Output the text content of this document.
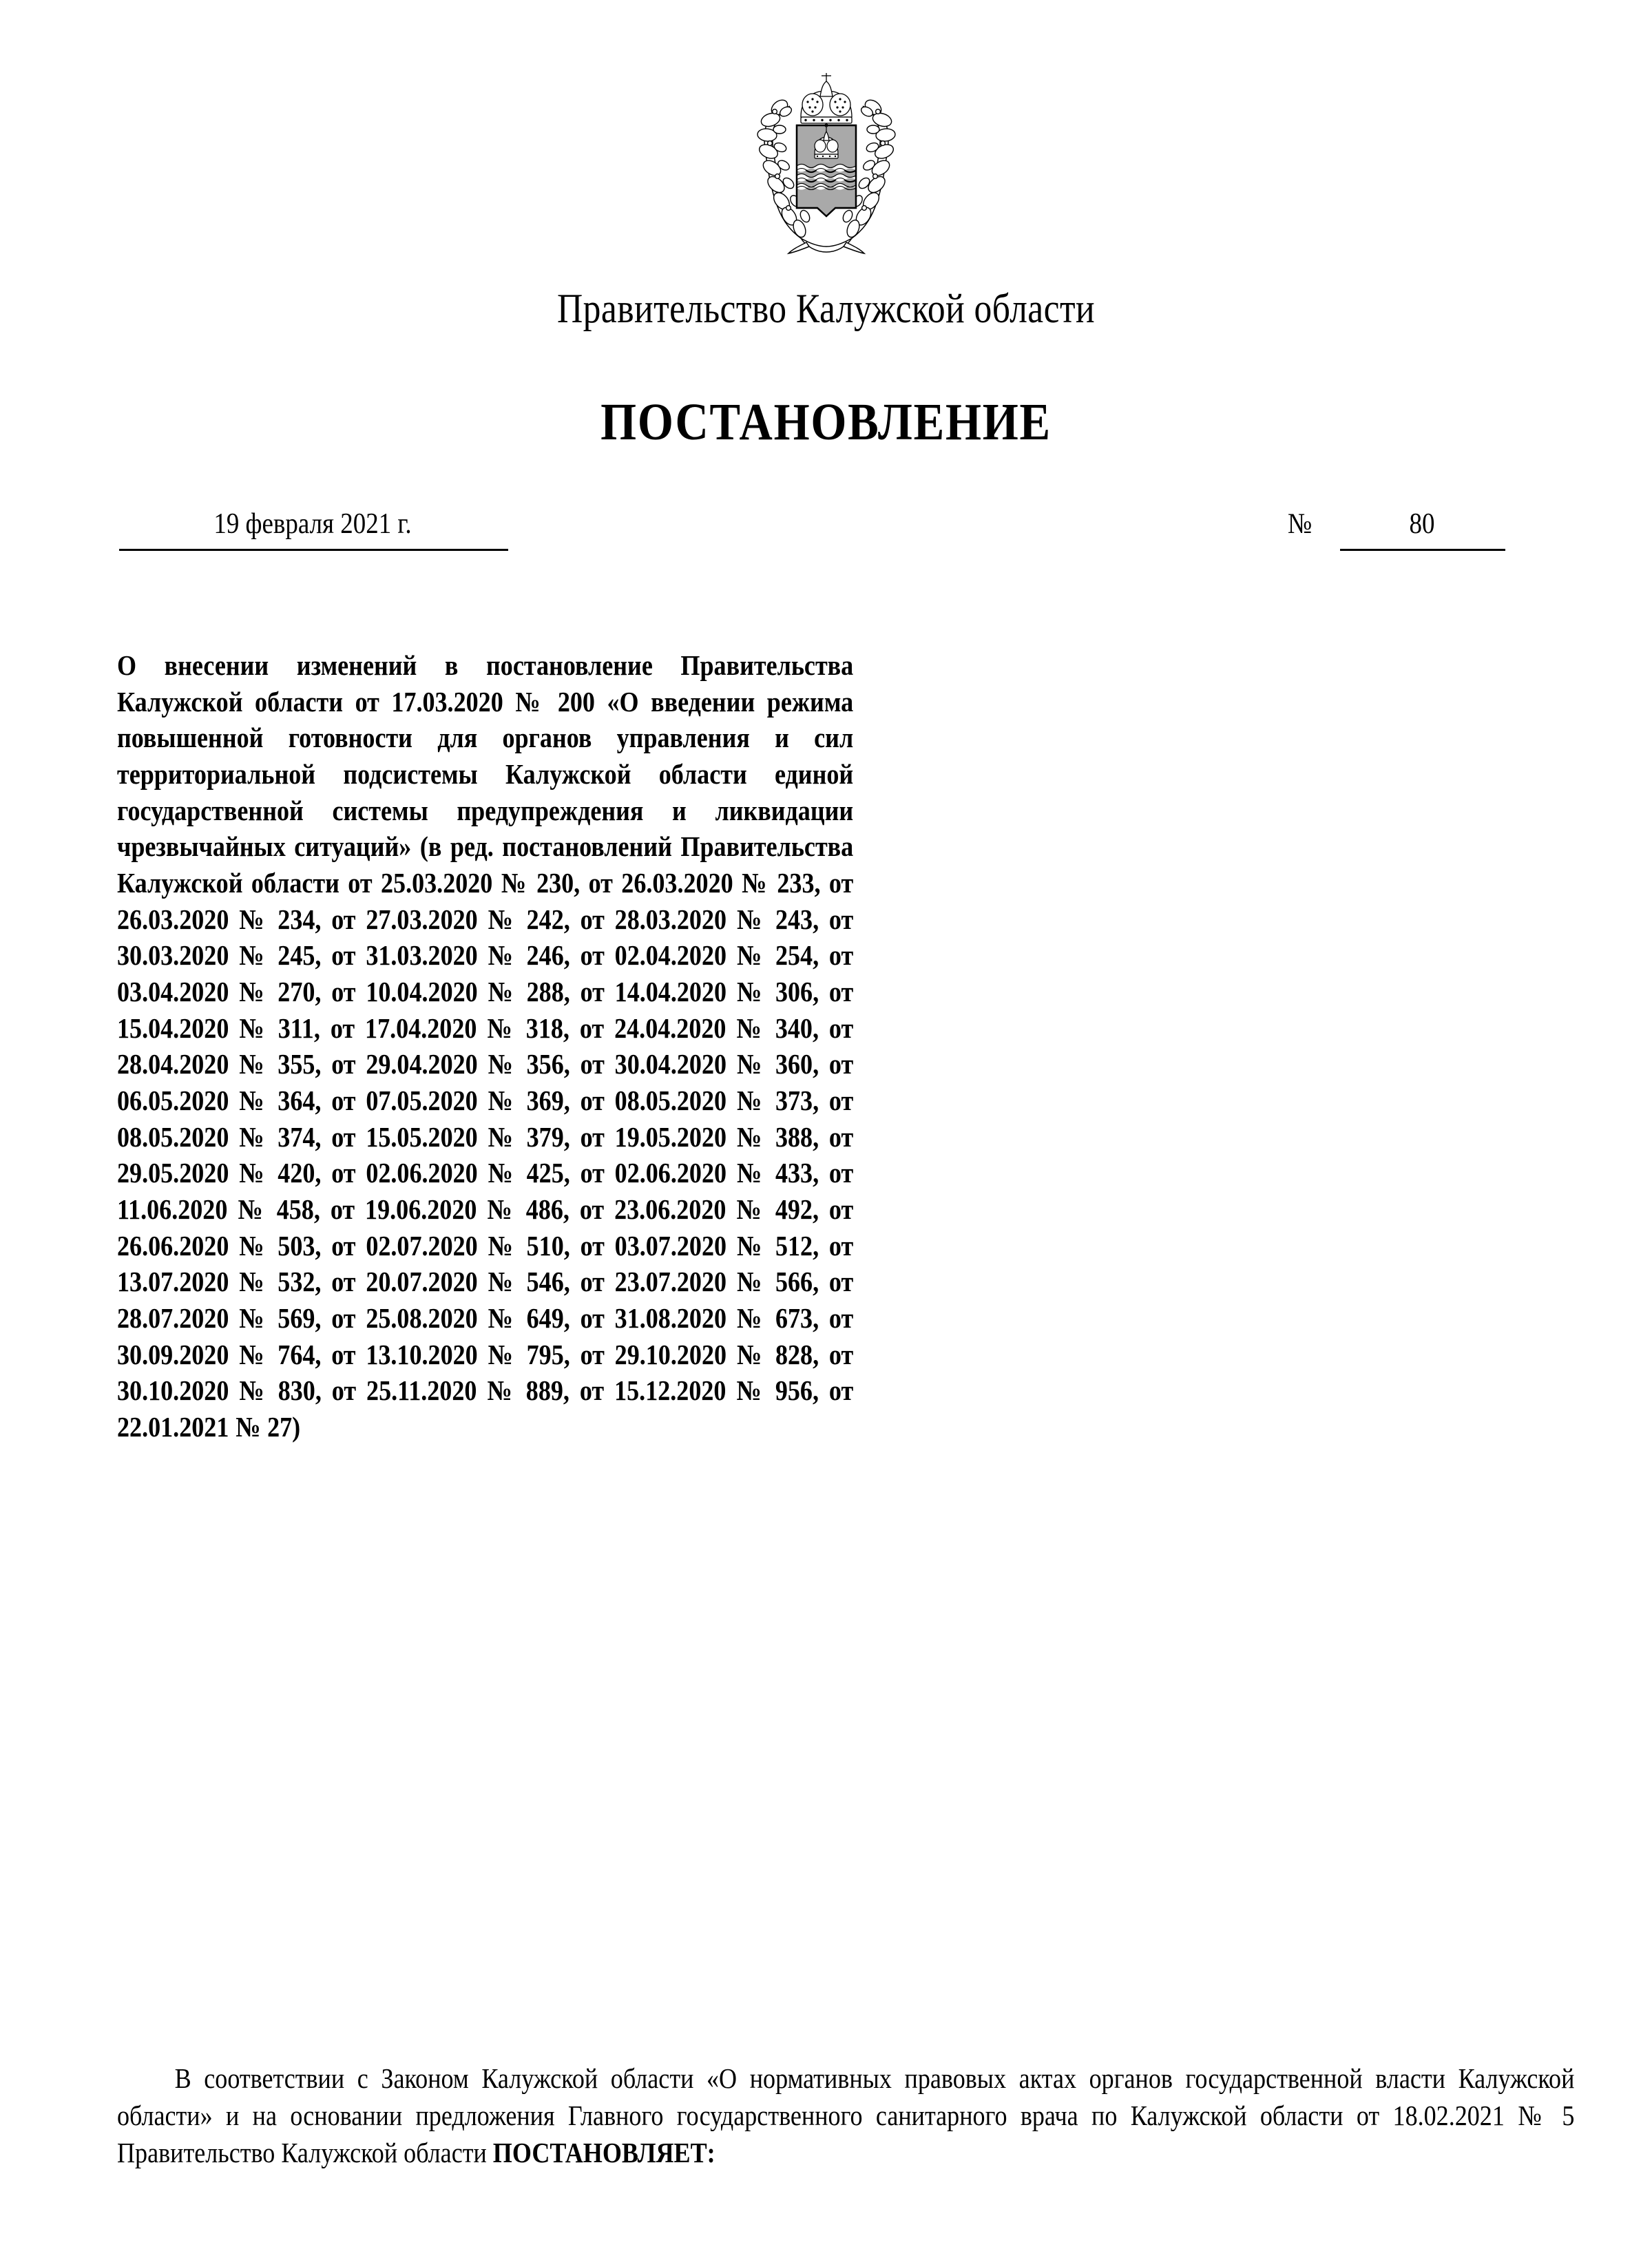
Правительство Калужской области
ПОСТАНОВЛЕНИЕ
19 февраля 2021 г.	№	80
О внесении изменений в постановление Правительства Калужской области от 17.03.2020 № 200 «О введении режима повышенной готовности для органов управления и сил территориальной подсистемы Калужской области единой государственной системы предупреждения и ликвидации чрезвычайных ситуаций» (в ред. постановлений Правительства Калужской области от 25.03.2020 № 230, от 26.03.2020 № 233, от 26.03.2020 № 234, от 27.03.2020 № 242, от 28.03.2020 № 243, от 30.03.2020 № 245, от 31.03.2020 № 246, от 02.04.2020 № 254, от 03.04.2020 № 270, от 10.04.2020 № 288, от 14.04.2020 № 306, от 15.04.2020 № 311, от 17.04.2020 № 318, от 24.04.2020 № 340, от 28.04.2020 № 355, от 29.04.2020 № 356, от 30.04.2020 № 360, от 06.05.2020 № 364, от 07.05.2020 № 369, от 08.05.2020 № 373, от 08.05.2020 № 374, от 15.05.2020 № 379, от 19.05.2020 № 388, от 29.05.2020 № 420, от 02.06.2020 № 425, от 02.06.2020 № 433, от 11.06.2020 № 458, от 19.06.2020 № 486, от 23.06.2020 № 492, от 26.06.2020 № 503, от 02.07.2020 № 510, от 03.07.2020 № 512, от 13.07.2020 № 532, от 20.07.2020 № 546, от 23.07.2020 № 566, от 28.07.2020 № 569, от 25.08.2020 № 649, от 31.08.2020 № 673, от 30.09.2020 № 764, от 13.10.2020 № 795, от 29.10.2020 № 828, от 30.10.2020 № 830, от 25.11.2020 № 889, от 15.12.2020 № 956, от 22.01.2021 № 27)

В соответствии с Законом Калужской области «О нормативных правовых актах органов государственной власти Калужской области» и на основании предложения Главного государственного санитарного врача по Калужской области от 18.02.2021 № 5 Правительство Калужской области ПОСТАНОВЛЯЕТ:
